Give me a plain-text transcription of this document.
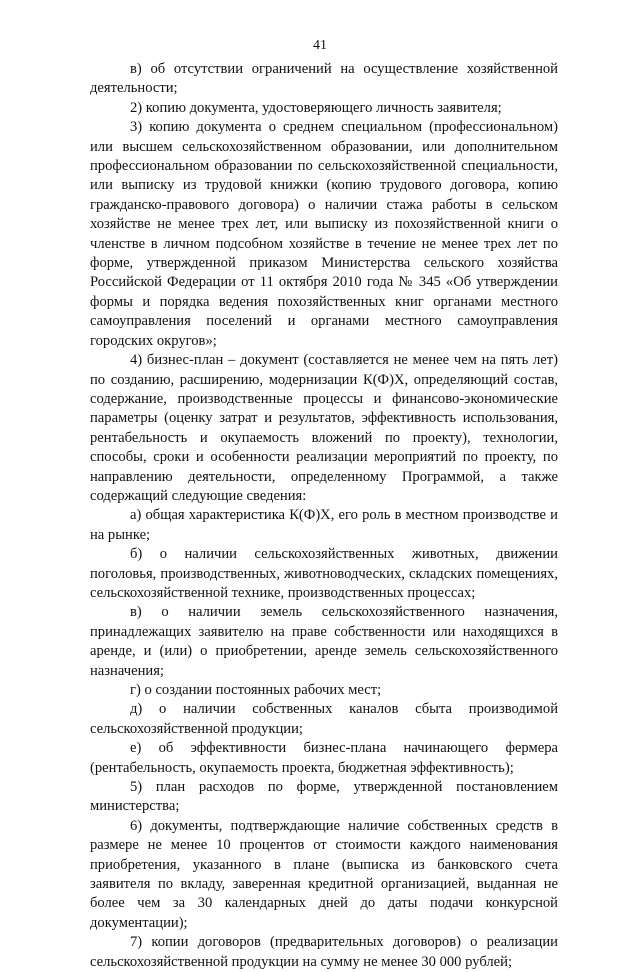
41

в) об отсутствии ограничений на осуществление хозяйственной деятельности;

2) копию документа, удостоверяющего личность заявителя;

3) копию документа о среднем специальном (профессиональном) или высшем сельскохозяйственном образовании, или дополнительном профессиональном образовании по сельскохозяйственной специальности, или выписку из трудовой книжки (копию трудового договора, копию гражданско-правового договора) о наличии стажа работы в сельском хозяйстве не менее трех лет, или выписку из похозяйственной книги о членстве в личном подсобном хозяйстве в течение не менее трех лет по форме, утвержденной приказом Министерства сельского хозяйства Российской Федерации от 11 октября 2010 года № 345 «Об утверждении формы и порядка ведения похозяйственных книг органами местного самоуправления поселений и органами местного самоуправления городских округов»;

4) бизнес-план – документ (составляется не менее чем на пять лет) по созданию, расширению, модернизации К(Ф)Х, определяющий состав, содержание, производственные процессы и финансово-экономические параметры (оценку затрат и результатов, эффективность использования, рентабельность и окупаемость вложений по проекту), технологии, способы, сроки и особенности реализации мероприятий по проекту, по направлению деятельности, определенному Программой, а также содержащий следующие сведения:

а) общая характеристика К(Ф)Х, его роль в местном производстве и на рынке;

б) о наличии сельскохозяйственных животных, движении поголовья, производственных, животноводческих, складских помещениях, сельскохозяйственной технике, производственных процессах;

в) о наличии земель сельскохозяйственного назначения, принадлежащих заявителю на праве собственности или находящихся в аренде, и (или) о приобретении, аренде земель сельскохозяйственного назначения;

г) о создании постоянных рабочих мест;

д) о наличии собственных каналов сбыта производимой сельскохозяйственной продукции;

е) об эффективности бизнес-плана начинающего фермера (рентабельность, окупаемость проекта, бюджетная эффективность);

5) план расходов по форме, утвержденной постановлением министерства;

6) документы, подтверждающие наличие собственных средств в размере не менее 10 процентов от стоимости каждого наименования приобретения, указанного в плане (выписка из банковского счета заявителя по вкладу, заверенная кредитной организацией, выданная не более чем за 30 календарных дней до даты подачи конкурсной документации);

7) копии договоров (предварительных договоров) о реализации сельскохозяйственной продукции на сумму не менее 30 000 рублей;
